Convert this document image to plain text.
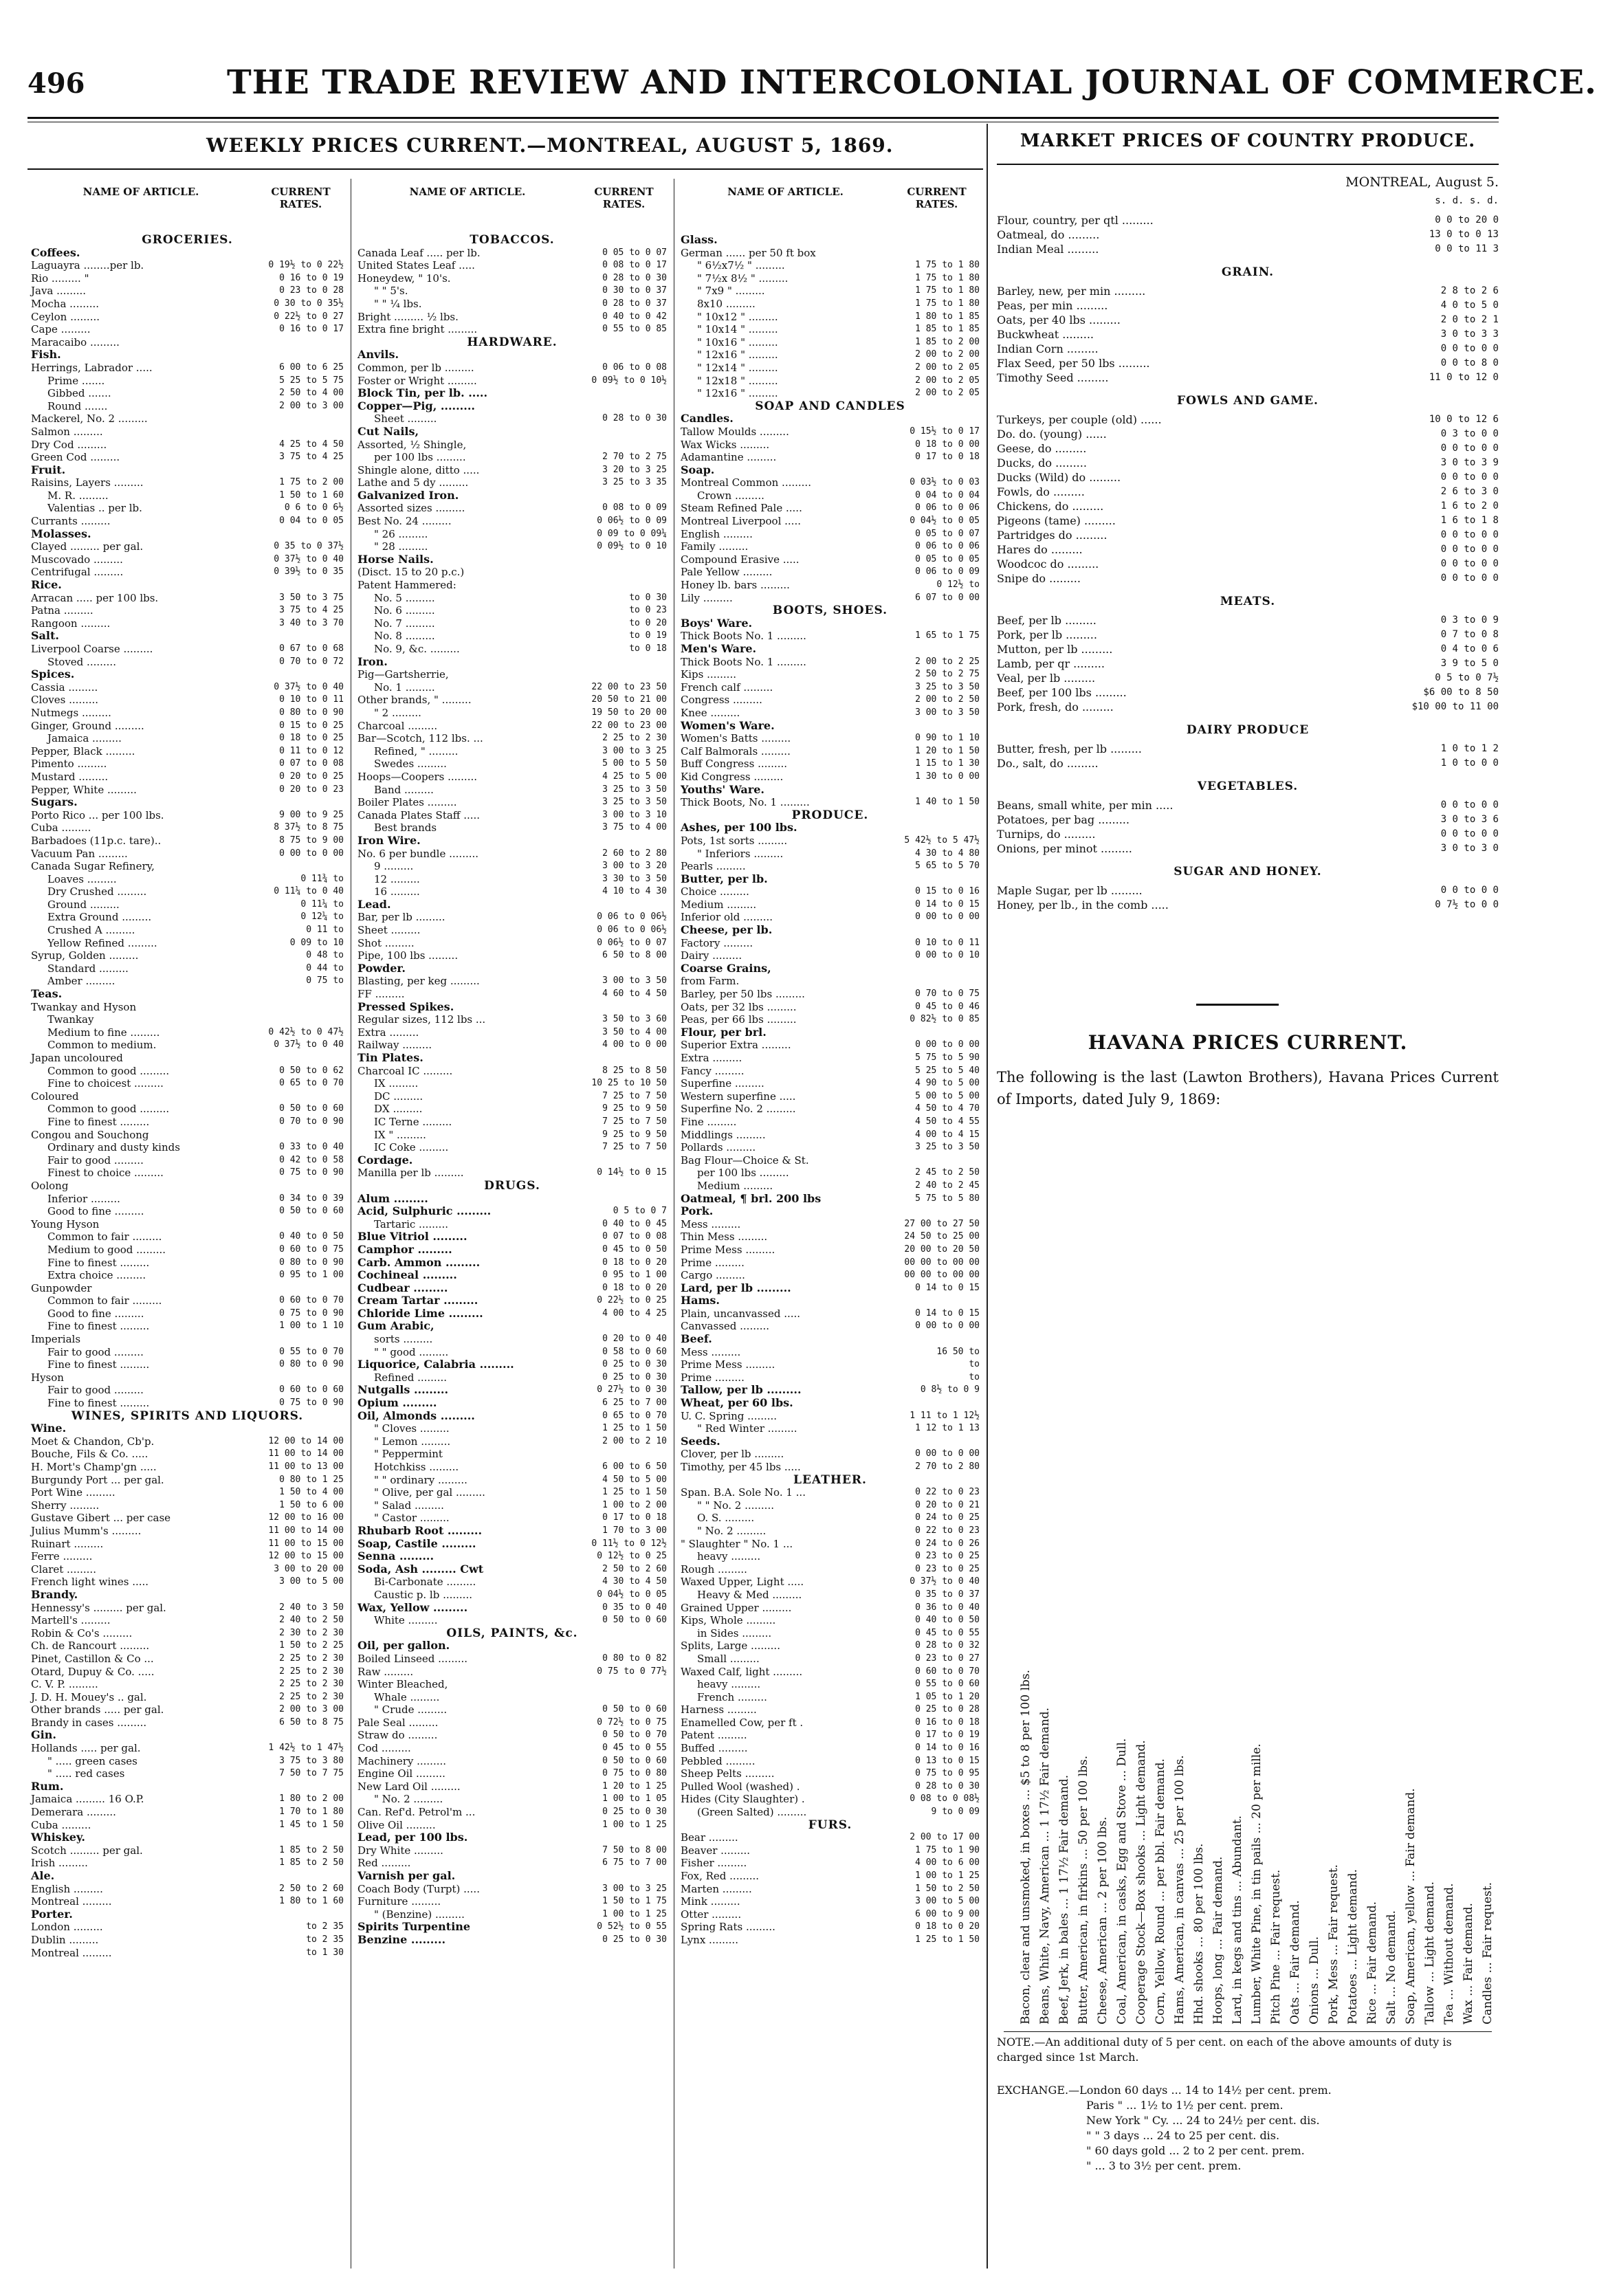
496	THE TRADE REVIEW AND INTERCOLONIAL JOURNAL OF COMMERCE.
WEEKLY PRICES CURRENT.—MONTREAL, AUGUST 5, 1869.
NAME OF ARTICLE.	CURRENT RATES.
GROCERIES.
Coffees.
Laguayra ........per lb.	0 19½ to 0 22½
Rio ......... "	0 16 to 0 19
Java .........	0 23 to 0 28
Mocha .........	0 30 to 0 35½
Ceylon .........	0 22½ to 0 27
Cape .........	0 16 to 0 17
Maracaibo .........
Fish.
Herrings, Labrador .....	6 00 to 6 25
Prime .......	5 25 to 5 75
Gibbed .......	2 50 to 4 00
Round .......	2 00 to 3 00
Mackerel, No. 2 .........
Salmon .........
Dry Cod .........	4 25 to 4 50
Green Cod .........	3 75 to 4 25
Fruit.
Raisins, Layers .........	1 75 to 2 00
M. R. .........	1 50 to 1 60
Valentias .. per lb.	0 6 to 0 6½
Currants .........	0 04 to 0 05
Molasses.
Clayed ......... per gal.	0 35 to 0 37½
Muscovado .........	0 37½ to 0 40
Centrifugal .........	0 39½ to 0 35
Rice.
Arracan ..... per 100 lbs.	3 50 to 3 75
Patna .........	3 75 to 4 25
Rangoon .........	3 40 to 3 70
Salt.
Liverpool Coarse .........	0 67 to 0 68
Stoved .........	0 70 to 0 72
Spices.
Cassia .........	0 37½ to 0 40
Cloves .........	0 10 to 0 11
Nutmegs .........	0 80 to 0 90
Ginger, Ground .........	0 15 to 0 25
Jamaica .........	0 18 to 0 25
Pepper, Black .........	0 11 to 0 12
Pimento .........	0 07 to 0 08
Mustard .........	0 20 to 0 25
Pepper, White .........	0 20 to 0 23
Sugars.
Porto Rico ... per 100 lbs.	9 00 to 9 25
Cuba .........	8 37½ to 8 75
Barbadoes (11p.c. tare)..	8 75 to 9 00
Vacuum Pan .........	0 00 to 0 00
Canada Sugar Refinery,
Loaves .........	0 11¾ to
Dry Crushed .........	0 11¼ to 0 40
Ground .........	0 11¼ to
Extra Ground .........	0 12¼ to
Crushed A .........	0 11 to
Yellow Refined .........	0 09 to 10
Syrup, Golden .........	0 48 to
Standard .........	0 44 to
Amber .........	0 75 to
Teas.
Twankay and Hyson
Twankay
Medium to fine .........	0 42½ to 0 47½
Common to medium.	0 37½ to 0 40
Japan uncoloured
Common to good .........	0 50 to 0 62
Fine to choicest .........	0 65 to 0 70
Coloured
Common to good .........	0 50 to 0 60
Fine to finest .........	0 70 to 0 90
Congou and Souchong
Ordinary and dusty kinds	0 33 to 0 40
Fair to good .........	0 42 to 0 58
Finest to choice .........	0 75 to 0 90
Oolong
Inferior .........	0 34 to 0 39
Good to fine .........	0 50 to 0 60
Young Hyson
Common to fair .........	0 40 to 0 50
Medium to good .........	0 60 to 0 75
Fine to finest .........	0 80 to 0 90
Extra choice .........	0 95 to 1 00
Gunpowder
Common to fair .........	0 60 to 0 70
Good to fine .........	0 75 to 0 90
Fine to finest .........	1 00 to 1 10
Imperials
Fair to good .........	0 55 to 0 70
Fine to finest .........	0 80 to 0 90
Hyson
Fair to good .........	0 60 to 0 60
Fine to finest .........	0 75 to 0 90
WINES, SPIRITS AND LIQUORS.
Wine.
Moet & Chandon, Cb'p.	12 00 to 14 00
Bouche, Fils & Co. .....	11 00 to 14 00
H. Mort's Champ'gn .....	11 00 to 13 00
Burgundy Port ... per gal.	0 80 to 1 25
Port Wine .........	1 50 to 4 00
Sherry .........	1 50 to 6 00
Gustave Gibert ... per case	12 00 to 16 00
Julius Mumm's .........	11 00 to 14 00
Ruinart .........	11 00 to 15 00
Ferre .........	12 00 to 15 00
Claret .........	3 00 to 20 00
French light wines .....	3 00 to 5 00
Brandy.
Hennessy's ......... per gal.	2 40 to 3 50
Martell's .........	2 40 to 2 50
Robin & Co's .........	2 30 to 2 30
Ch. de Rancourt .........	1 50 to 2 25
Pinet, Castillon & Co ...	2 25 to 2 30
Otard, Dupuy & Co. .....	2 25 to 2 30
C. V. P. .........	2 25 to 2 30
J. D. H. Mouey's .. gal.	2 25 to 2 30
Other brands ..... per gal.	2 00 to 3 00
Brandy in cases .........	6 50 to 8 75
Gin.
Hollands ..... per gal.	1 42½ to 1 47½
" ..... green cases	3 75 to 3 80
" ..... red cases	7 50 to 7 75
Rum.
Jamaica ......... 16 O.P.	1 80 to 2 00
Demerara .........	1 70 to 1 80
Cuba .........	1 45 to 1 50
Whiskey.
Scotch ......... per gal.	1 85 to 2 50
Irish .........	1 85 to 2 50
Ale.
English .........	2 50 to 2 60
Montreal .........	1 80 to 1 60
Porter.
London .........	to 2 35
Dublin .........	to 2 35
Montreal .........	to 1 30
NAME OF ARTICLE.	CURRENT RATES.
TOBACCOS.
Canada Leaf ..... per lb.	0 05 to 0 07
United States Leaf .....	0 08 to 0 17
Honeydew, " 10's.	0 28 to 0 30
" " 5's.	0 30 to 0 37
" " ¼ lbs.	0 28 to 0 37
Bright ......... ½ lbs.	0 40 to 0 42
Extra fine bright .........	0 55 to 0 85
HARDWARE.
Anvils.
Common, per lb .........	0 06 to 0 08
Foster or Wright .........	0 09½ to 0 10½
Block Tin, per lb. .....
Copper—Pig, .........
Sheet .........	0 28 to 0 30
Cut Nails,
Assorted, ½ Shingle,
per 100 lbs .........	2 70 to 2 75
Shingle alone, ditto .....	3 20 to 3 25
Lathe and 5 dy .........	3 25 to 3 35
Galvanized Iron.
Assorted sizes .........	0 08 to 0 09
Best No. 24 .........	0 06½ to 0 09
" 26 .........	0 09 to 0 09¼
" 28 .........	0 09½ to 0 10
Horse Nails.
(Disct. 15 to 20 p.c.)
Patent Hammered:
No. 5 .........	to 0 30
No. 6 .........	to 0 23
No. 7 .........	to 0 20
No. 8 .........	to 0 19
No. 9, &c. .........	to 0 18
Iron.
Pig—Gartsherrie,
No. 1 .........	22 00 to 23 50
Other brands, " .........	20 50 to 21 00
" 2 .........	19 50 to 20 00
Charcoal .........	22 00 to 23 00
Bar—Scotch, 112 lbs. ...	2 25 to 2 30
Refined, " .........	3 00 to 3 25
Swedes .........	5 00 to 5 50
Hoops—Coopers .........	4 25 to 5 00
Band .........	3 25 to 3 50
Boiler Plates .........	3 25 to 3 50
Canada Plates Staff .....	3 00 to 3 10
Best brands	3 75 to 4 00
Iron Wire.
No. 6 per bundle .........	2 60 to 2 80
9 .........	3 00 to 3 20
12 .........	3 30 to 3 50
16 .........	4 10 to 4 30
Lead.
Bar, per lb .........	0 06 to 0 06½
Sheet .........	0 06 to 0 06½
Shot .........	0 06½ to 0 07
Pipe, 100 lbs .........	6 50 to 8 00
Powder.
Blasting, per keg .........	3 00 to 3 50
FF .........	4 60 to 4 50
Pressed Spikes.
Regular sizes, 112 lbs ...	3 50 to 3 60
Extra .........	3 50 to 4 00
Railway .........	4 00 to 0 00
Tin Plates.
Charcoal IC .........	8 25 to 8 50
IX .........	10 25 to 10 50
DC .........	7 25 to 7 50
DX .........	9 25 to 9 50
IC Terne .........	7 25 to 7 50
IX " .........	9 25 to 9 50
IC Coke .........	7 25 to 7 50
Cordage.
Manilla per lb .........	0 14½ to 0 15
DRUGS.
Alum .........
Acid, Sulphuric .........	0 5 to 0 7
Tartaric .........	0 40 to 0 45
Blue Vitriol .........	0 07 to 0 08
Camphor .........	0 45 to 0 50
Carb. Ammon .........	0 18 to 0 20
Cochineal .........	0 95 to 1 00
Cudbear .........	0 18 to 0 20
Cream Tartar .........	0 22½ to 0 25
Chloride Lime .........	4 00 to 4 25
Gum Arabic,
sorts .........	0 20 to 0 40
" " good .........	0 58 to 0 60
Liquorice, Calabria .........	0 25 to 0 30
Refined .........	0 25 to 0 30
Nutgalls .........	0 27½ to 0 30
Opium .........	6 25 to 7 00
Oil, Almonds .........	0 65 to 0 70
" Cloves .........	1 25 to 1 50
" Lemon .........	2 00 to 2 10
" Peppermint
Hotchkiss .........	6 00 to 6 50
" " ordinary .........	4 50 to 5 00
" Olive, per gal .........	1 25 to 1 50
" Salad .........	1 00 to 2 00
" Castor .........	0 17 to 0 18
Rhubarb Root .........	1 70 to 3 00
Soap, Castile .........	0 11½ to 0 12½
Senna .........	0 12½ to 0 25
Soda, Ash ......... Cwt	2 50 to 2 60
Bi-Carbonate .........	4 30 to 4 50
Caustic p. lb .........	0 04½ to 0 05
Wax, Yellow .........	0 35 to 0 40
White .........	0 50 to 0 60
OILS, PAINTS, &c.
Oil, per gallon.
Boiled Linseed .........	0 80 to 0 82
Raw .........	0 75 to 0 77½
Winter Bleached,
Whale .........
" Crude .........	0 50 to 0 60
Pale Seal .........	0 72½ to 0 75
Straw do .........	0 50 to 0 70
Cod .........	0 45 to 0 55
Machinery .........	0 50 to 0 60
Engine Oil .........	0 75 to 0 80
New Lard Oil .........	1 20 to 1 25
" No. 2 .........	1 00 to 1 05
Can. Ref'd. Petrol'm ...	0 25 to 0 30
Olive Oil .........	1 00 to 1 25
Lead, per 100 lbs.
Dry White .........	7 50 to 8 00
Red .........	6 75 to 7 00
Varnish per gal.
Coach Body (Turpt) .....	3 00 to 3 25
Furniture .........	1 50 to 1 75
" (Benzine) .........	1 00 to 1 25
Spirits Turpentine	0 52½ to 0 55
Benzine .........	0 25 to 0 30
NAME OF ARTICLE.	CURRENT RATES.
Glass.
German ...... per 50 ft box
" 6½x7½ " .........	1 75 to 1 80
" 7½x 8½ " .........	1 75 to 1 80
" 7x9 " .........	1 75 to 1 80
8x10 .........	1 75 to 1 80
" 10x12 " .........	1 80 to 1 85
" 10x14 " .........	1 85 to 1 85
" 10x16 " .........	1 85 to 2 00
" 12x16 " .........	2 00 to 2 00
" 12x14 " .........	2 00 to 2 05
" 12x18 " .........	2 00 to 2 05
" 12x16 " .........	2 00 to 2 05
SOAP AND CANDLES
Candles.
Tallow Moulds .........	0 15½ to 0 17
Wax Wicks .........	0 18 to 0 00
Adamantine .........	0 17 to 0 18
Soap.
Montreal Common .........	0 03½ to 0 03
Crown .........	0 04 to 0 04
Steam Refined Pale .....	0 06 to 0 06
Montreal Liverpool .....	0 04½ to 0 05
English .........	0 05 to 0 07
Family .........	0 06 to 0 06
Compound Erasive .....	0 05 to 0 05
Pale Yellow .........	0 06 to 0 09
Honey lb. bars .........	0 12½ to
Lily .........	6 07 to 0 00
BOOTS, SHOES.
Boys' Ware.
Thick Boots No. 1 .........	1 65 to 1 75
Men's Ware.
Thick Boots No. 1 .........	2 00 to 2 25
Kips .........	2 50 to 2 75
French calf .........	3 25 to 3 50
Congress .........	2 00 to 2 50
Knee .........	3 00 to 3 50
Women's Ware.
Women's Batts .........	0 90 to 1 10
Calf Balmorals .........	1 20 to 1 50
Buff Congress .........	1 15 to 1 30
Kid Congress .........	1 30 to 0 00
Youths' Ware.
Thick Boots, No. 1 .........	1 40 to 1 50
PRODUCE.
Ashes, per 100 lbs.
Pots, 1st sorts .........	5 42½ to 5 47½
" Inferiors .........	4 30 to 4 80
Pearls .........	5 65 to 5 70
Butter, per lb.
Choice .........	0 15 to 0 16
Medium .........	0 14 to 0 15
Inferior old .........	0 00 to 0 00
Cheese, per lb.
Factory .........	0 10 to 0 11
Dairy .........	0 00 to 0 10
Coarse Grains,
from Farm.
Barley, per 50 lbs .........	0 70 to 0 75
Oats, per 32 lbs .........	0 45 to 0 46
Peas, per 66 lbs .........	0 82½ to 0 85
Flour, per brl.
Superior Extra .........	0 00 to 0 00
Extra .........	5 75 to 5 90
Fancy .........	5 25 to 5 40
Superfine .........	4 90 to 5 00
Western superfine .....	5 00 to 5 00
Superfine No. 2 .........	4 50 to 4 70
Fine .........	4 50 to 4 55
Middlings .........	4 00 to 4 15
Pollards .........	3 25 to 3 50
Bag Flour—Choice & St.
per 100 lbs .........	2 45 to 2 50
Medium .........	2 40 to 2 45
Oatmeal, ¶ brl. 200 lbs	5 75 to 5 80
Pork.
Mess .........	27 00 to 27 50
Thin Mess .........	24 50 to 25 00
Prime Mess .........	20 00 to 20 50
Prime .........	00 00 to 00 00
Cargo .........	00 00 to 00 00
Lard, per lb .........	0 14 to 0 15
Hams.
Plain, uncanvassed .....	0 14 to 0 15
Canvassed .........	0 00 to 0 00
Beef.
Mess .........	16 50 to
Prime Mess .........	to
Prime .........	to
Tallow, per lb .........	0 8½ to 0 9
Wheat, per 60 lbs.
U. C. Spring .........	1 11 to 1 12½
" Red Winter .........	1 12 to 1 13
Seeds.
Clover, per lb .........	0 00 to 0 00
Timothy, per 45 lbs .....	2 70 to 2 80
LEATHER.
Span. B.A. Sole No. 1 ...	0 22 to 0 23
" " No. 2 .........	0 20 to 0 21
O. S. .........	0 24 to 0 25
" No. 2 .........	0 22 to 0 23
" Slaughter " No. 1 ...	0 24 to 0 26
heavy .........	0 23 to 0 25
Rough .........	0 23 to 0 25
Waxed Upper, Light .....	0 37½ to 0 40
Heavy & Med .........	0 35 to 0 37
Grained Upper .........	0 36 to 0 40
Kips, Whole .........	0 40 to 0 50
in Sides .........	0 45 to 0 55
Splits, Large .........	0 28 to 0 32
Small .........	0 23 to 0 27
Waxed Calf, light .........	0 60 to 0 70
heavy .........	0 55 to 0 60
French .........	1 05 to 1 20
Harness .........	0 25 to 0 28
Enamelled Cow, per ft .	0 16 to 0 18
Patent .........	0 17 to 0 19
Buffed .........	0 14 to 0 16
Pebbled .........	0 13 to 0 15
Sheep Pelts .........	0 75 to 0 95
Pulled Wool (washed) .	0 28 to 0 30
Hides (City Slaughter) .	0 08 to 0 08½
(Green Salted) .........	9 to 0 09
FURS.
Bear .........	2 00 to 17 00
Beaver .........	1 75 to 1 90
Fisher .........	4 00 to 6 00
Fox, Red .........	1 00 to 1 25
Marten .........	1 50 to 2 50
Mink .........	3 00 to 5 00
Otter .........	6 00 to 9 00
Spring Rats .........	0 18 to 0 20
Lynx .........	1 25 to 1 50
MARKET PRICES OF COUNTRY PRODUCE.
MONTREAL, August 5.
s. d. s. d.
Flour, country, per qtl .........	0 0 to 20 0
Oatmeal, do .........	13 0 to 0 13
Indian Meal .........	0 0 to 11 3
GRAIN.
Barley, new, per min .........	2 8 to 2 6
Peas, per min .........	4 0 to 5 0
Oats, per 40 lbs .........	2 0 to 2 1
Buckwheat .........	3 0 to 3 3
Indian Corn .........	0 0 to 0 0
Flax Seed, per 50 lbs .........	0 0 to 8 0
Timothy Seed .........	11 0 to 12 0
FOWLS AND GAME.
Turkeys, per couple (old) ......	10 0 to 12 6
Do. do. (young) ......	0 3 to 0 0
Geese, do .........	0 0 to 0 0
Ducks, do .........	3 0 to 3 9
Ducks (Wild) do .........	0 0 to 0 0
Fowls, do .........	2 6 to 3 0
Chickens, do .........	1 6 to 2 0
Pigeons (tame) .........	1 6 to 1 8
Partridges do .........	0 0 to 0 0
Hares do .........	0 0 to 0 0
Woodcoc do .........	0 0 to 0 0
Snipe do .........	0 0 to 0 0
MEATS.
Beef, per lb .........	0 3 to 0 9
Pork, per lb .........	0 7 to 0 8
Mutton, per lb .........	0 4 to 0 6
Lamb, per qr .........	3 9 to 5 0
Veal, per lb .........	0 5 to 0 7½
Beef, per 100 lbs .........	$6 00 to 8 50
Pork, fresh, do .........	$10 00 to 11 00
DAIRY PRODUCE
Butter, fresh, per lb .........	1 0 to 1 2
Do., salt, do .........	1 0 to 0 0
VEGETABLES.
Beans, small white, per min .....	0 0 to 0 0
Potatoes, per bag .........	3 0 to 3 6
Turnips, do .........	0 0 to 0 0
Onions, per minot .........	3 0 to 3 0
SUGAR AND HONEY.
Maple Sugar, per lb .........	0 0 to 0 0
Honey, per lb., in the comb .....	0 7½ to 0 0
HAVANA PRICES CURRENT.
The following is the last (Lawton Brothers), Havana Prices Current of Imports, dated July 9, 1869:
Bacon, clear and unsmoked, in boxes ... $5 to 8 per 100 lbs. Beans, White, Navy, American ... 1 17½ Fair demand. Beef, Jerk, in bales ... 1 17½ Fair demand. Butter, American, in firkins ... 50 per 100 lbs. Cheese, American ... 2 per 100 lbs. Coal, American, in casks, Egg and Stove ... Dull. Cooperage Stock—Box shooks ... Light demand. Corn, Yellow, Round ... per bbl. Fair demand. Hams, American, in canvas ... 25 per 100 lbs. Hhd. shooks ... 80 per 100 lbs. Hoops, long ... Fair demand. Lard, in kegs and tins ... Abundant. Lumber, White Pine, in tin pails ... 20 per mille. Pitch Pine ... Fair request. Oats ... Fair demand. Onions ... Dull. Pork, Mess ... Fair request. Potatoes ... Light demand. Rice ... Fair demand. Salt ... No demand. Soap, American, yellow ... Fair demand. Tallow ... Light demand. Tea ... Without demand. Wax ... Fair demand. Candles ... Fair request.
NOTE.—An additional duty of 5 per cent. on each of the above amounts of duty is charged since 1st March.
EXCHANGE.—London 60 days ... 14 to 14½ per cent. prem.
Paris " ... 1½ to 1½ per cent. prem.
New York " Cy. ... 24 to 24½ per cent. dis.
" " 3 days ... 24 to 25 per cent. dis.
" 60 days gold ... 2 to 2 per cent. prem.
" ... 3 to 3½ per cent. prem.
